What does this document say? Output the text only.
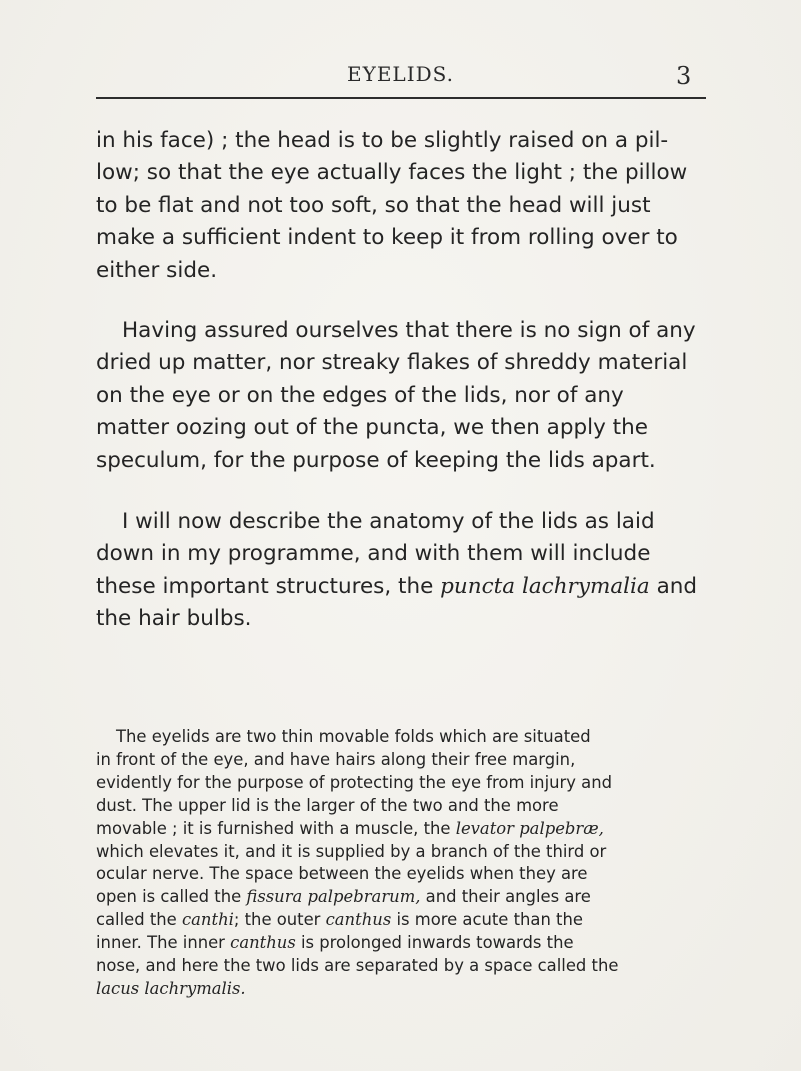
EYELIDS.	3

in his face) ; the head is to be slightly raised on a pil-
low; so that the eye actually faces the light ; the pillow
to be flat and not too soft, so that the head will just
make a sufficient indent to keep it from rolling over to
either side.

Having assured ourselves that there is no sign of any
dried up matter, nor streaky flakes of shreddy material
on the eye or on the edges of the lids, nor of any
matter oozing out of the puncta, we then apply the
speculum, for the purpose of keeping the lids apart.

I will now describe the anatomy of the lids as laid
down in my programme, and with them will include
these important structures, the puncta lachrymalia and
the hair bulbs.

The eyelids are two thin movable folds which are situated
in front of the eye, and have hairs along their free margin,
evidently for the purpose of protecting the eye from injury and
dust. The upper lid is the larger of the two and the more
movable ; it is furnished with a muscle, the levator palpebræ,
which elevates it, and it is supplied by a branch of the third or
ocular nerve. The space between the eyelids when they are
open is called the fissura palpebrarum, and their angles are
called the canthi; the outer canthus is more acute than the
inner. The inner canthus is prolonged inwards towards the
nose, and here the two lids are separated by a space called the
lacus lachrymalis.
